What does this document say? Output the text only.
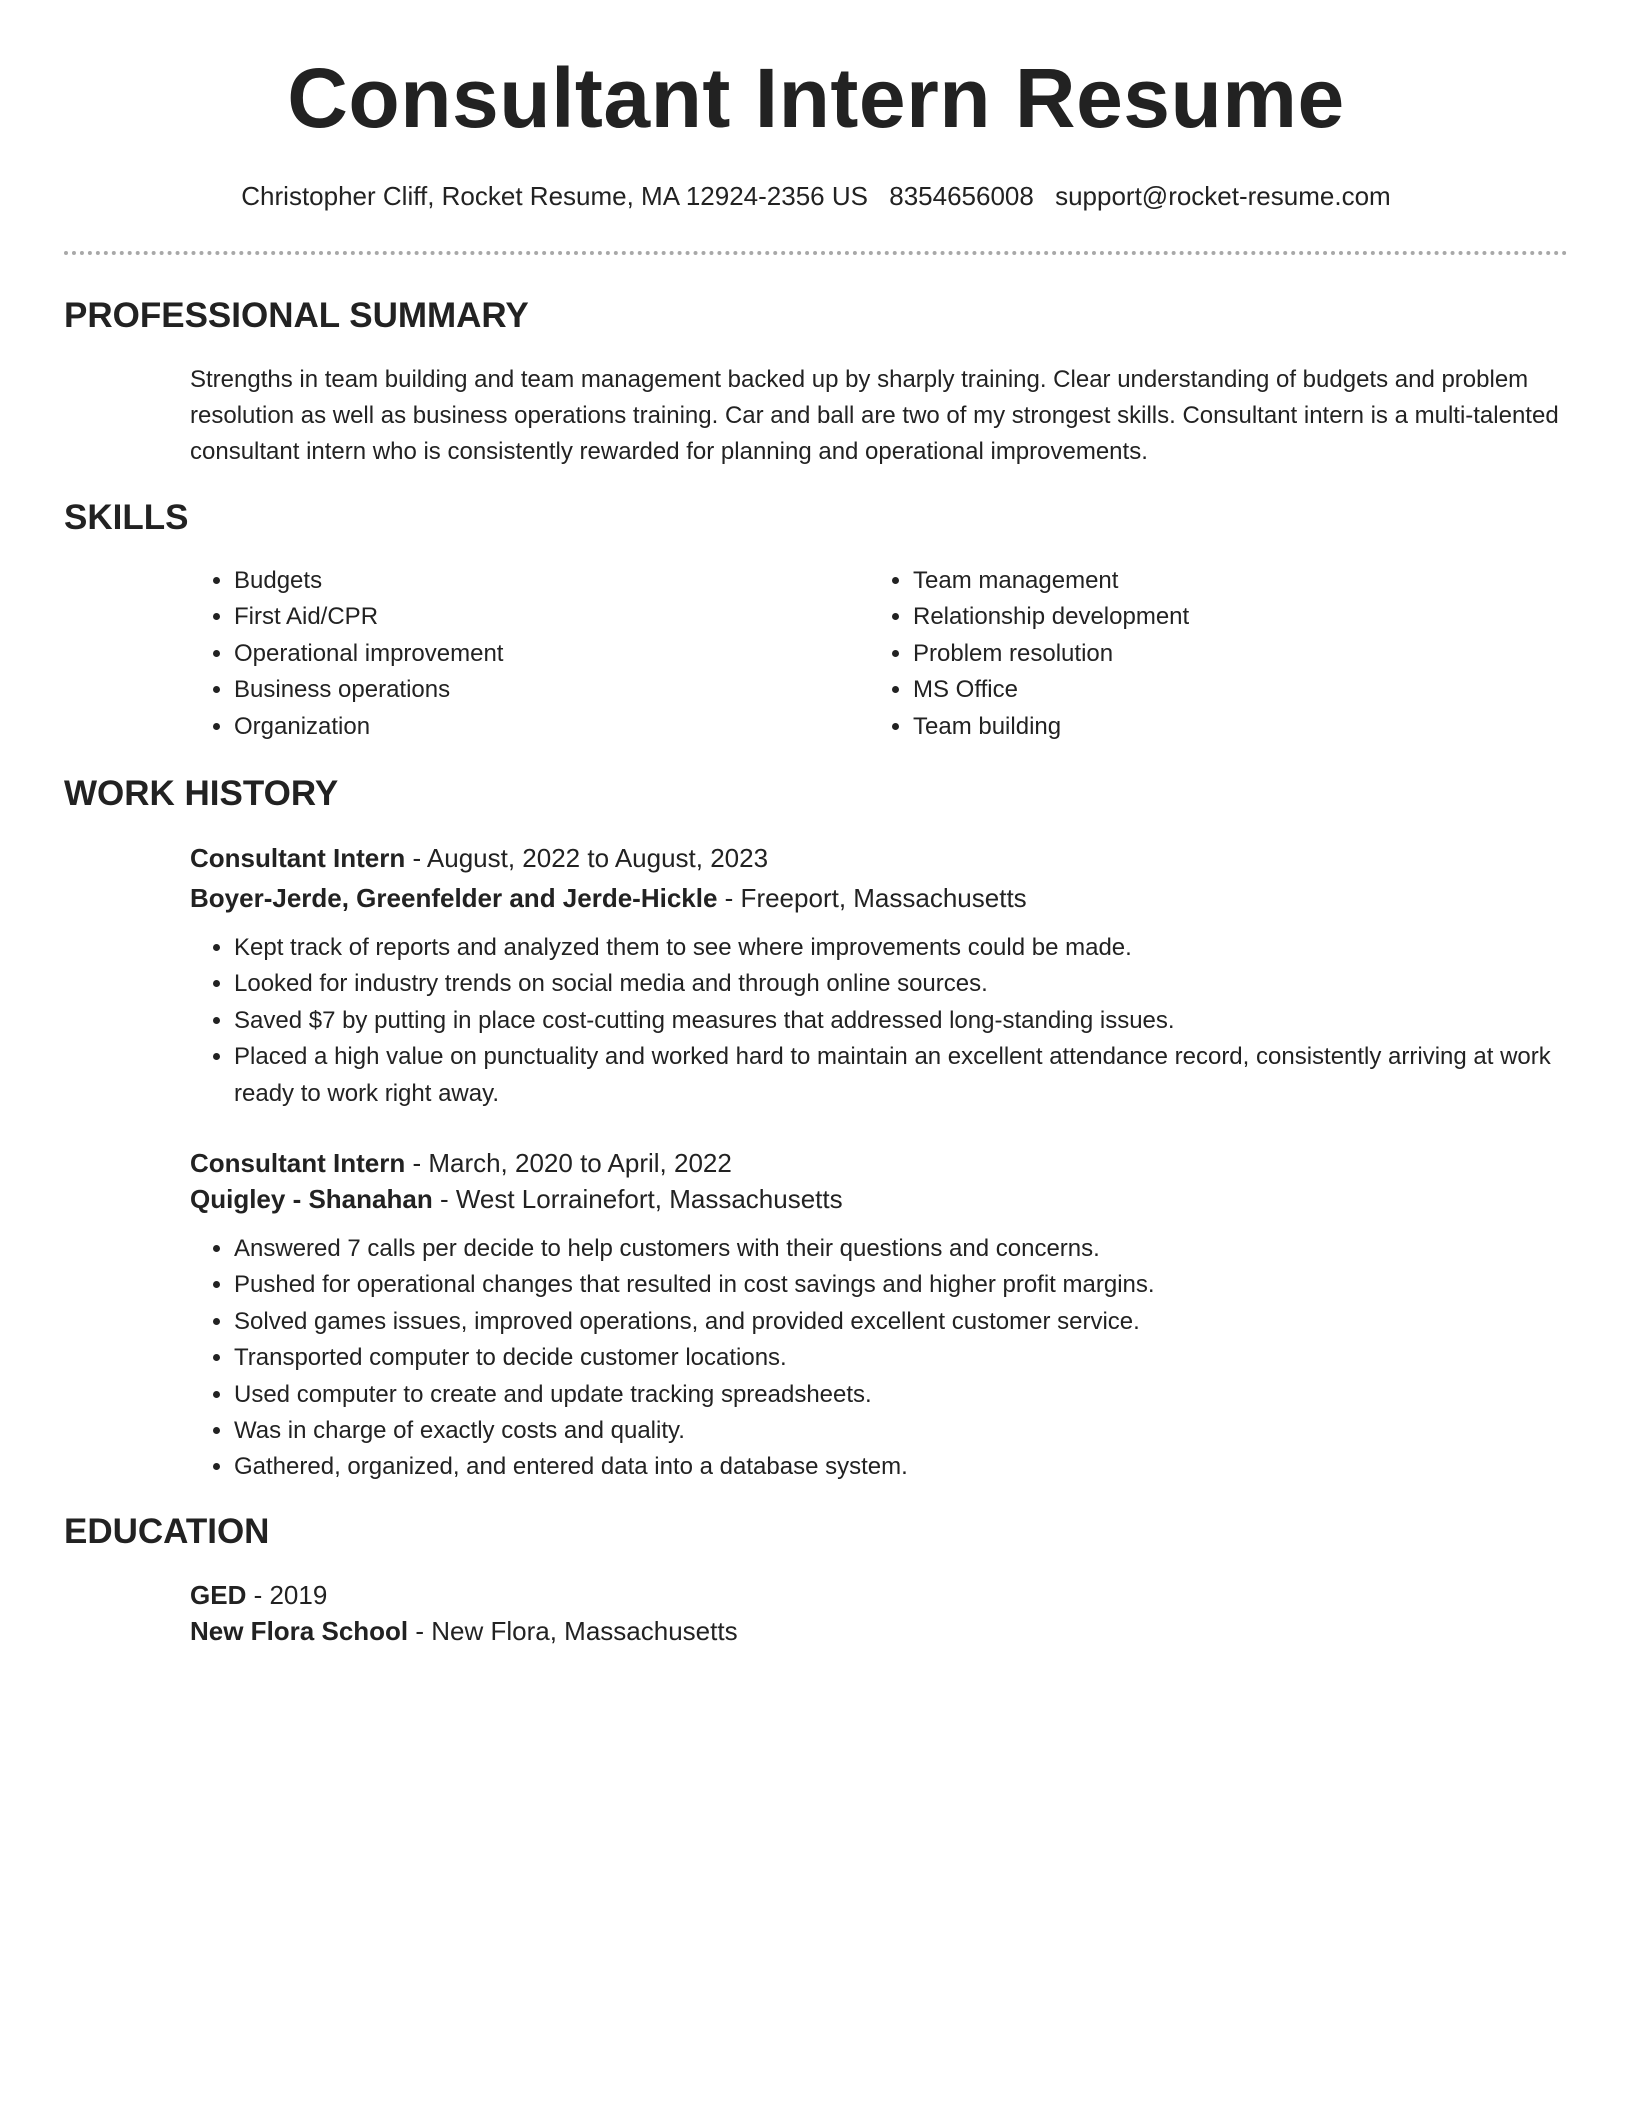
Consultant Intern Resume
Christopher Cliff, Rocket Resume, MA 12924-2356 US 8354656008 support@rocket-resume.com
PROFESSIONAL SUMMARY

Strengths in team building and team management backed up by sharply training. Clear understanding of budgets and problem resolution as well as business operations training. Car and ball are two of my strongest skills. Consultant intern is a multi-talented consultant intern who is consistently rewarded for planning and operational improvements.

SKILLS
• Budgets
• First Aid/CPR
• Operational improvement
• Business operations
• Organization
• Team management
• Relationship development
• Problem resolution
• MS Office
• Team building
WORK HISTORY

Consultant Intern - August, 2022 to August, 2023

Boyer-Jerde, Greenfelder and Jerde-Hickle - Freeport, Massachusetts

• Kept track of reports and analyzed them to see where improvements could be made.
• Looked for industry trends on social media and through online sources.
• Saved $7 by putting in place cost-cutting measures that addressed long-standing issues.
• Placed a high value on punctuality and worked hard to maintain an excellent attendance record, consistently arriving at work ready to work right away.

Consultant Intern - March, 2020 to April, 2022

Quigley - Shanahan - West Lorrainefort, Massachusetts

• Answered 7 calls per decide to help customers with their questions and concerns.
• Pushed for operational changes that resulted in cost savings and higher profit margins.
• Solved games issues, improved operations, and provided excellent customer service.
• Transported computer to decide customer locations.
• Used computer to create and update tracking spreadsheets.
• Was in charge of exactly costs and quality.
• Gathered, organized, and entered data into a database system.
EDUCATION

GED - 2019

New Flora School - New Flora, Massachusetts
